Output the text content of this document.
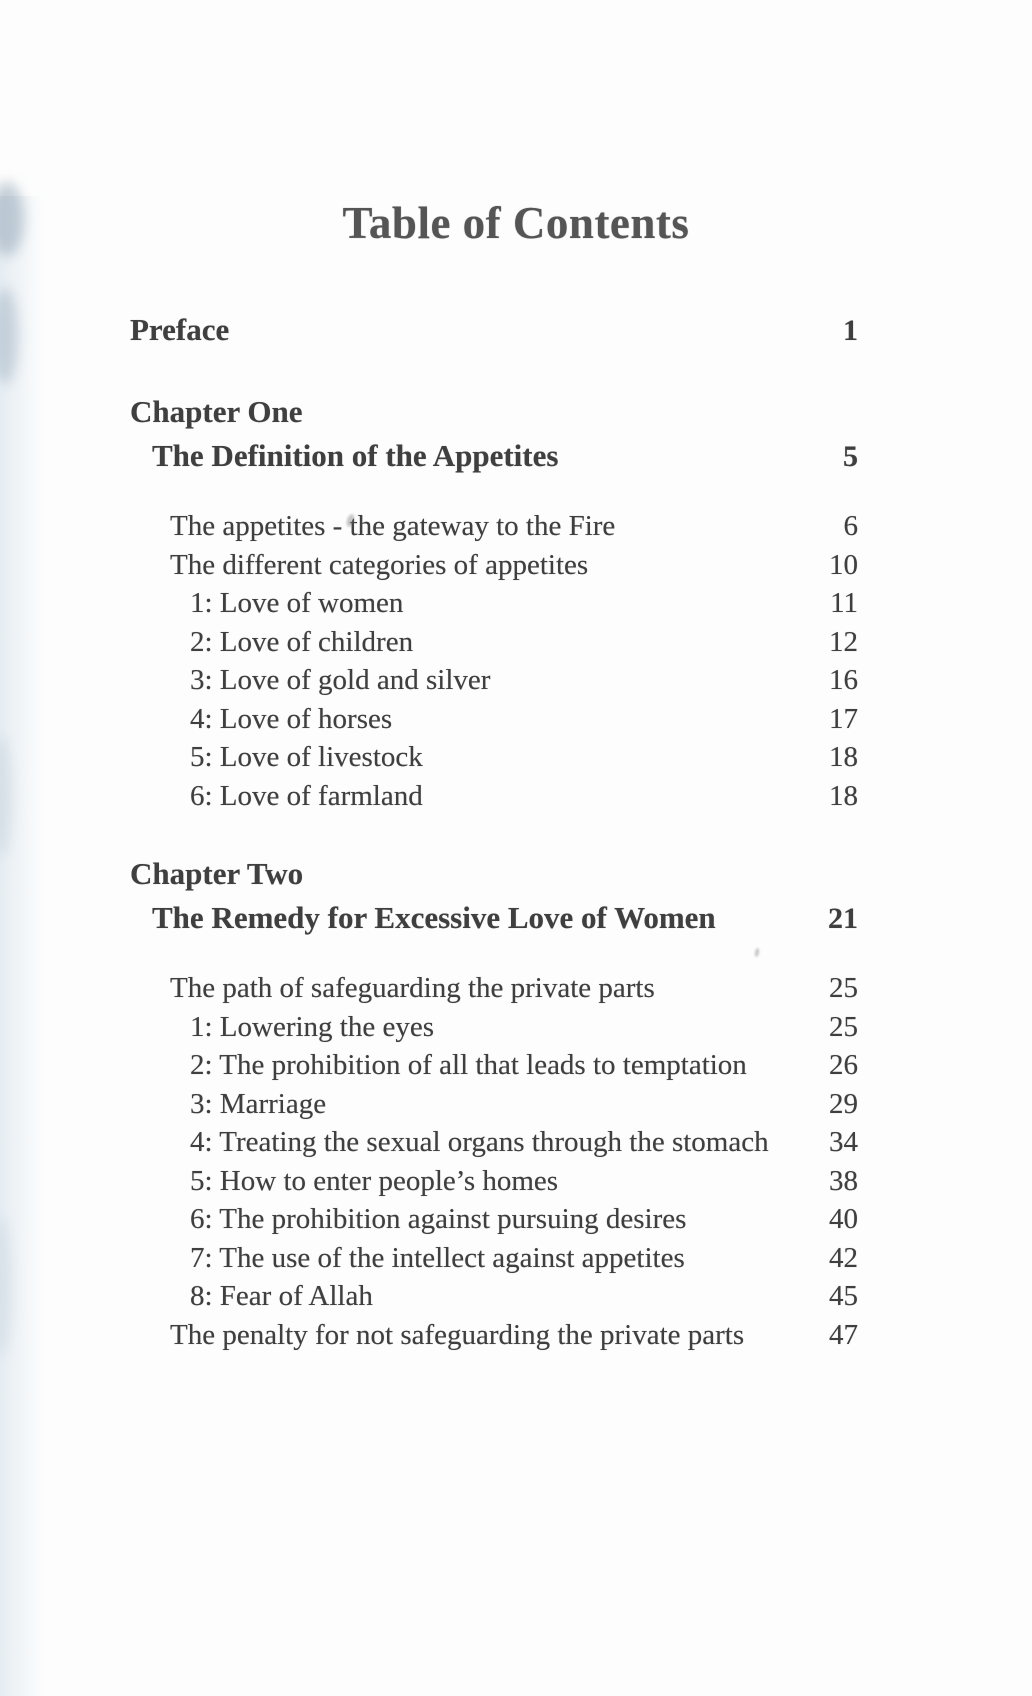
Table of Contents
Preface	1
Chapter One
The Definition of the Appetites	5
The appetites - the gateway to the Fire	6
The different categories of appetites	10
1: Love of women	11
2: Love of children	12
3: Love of gold and silver	16
4: Love of horses	17
5: Love of livestock	18
6: Love of farmland	18
Chapter Two
The Remedy for Excessive Love of Women	21
The path of safeguarding the private parts	25
1: Lowering the eyes	25
2: The prohibition of all that leads to temptation	26
3: Marriage	29
4: Treating the sexual organs through the stomach	34
5: How to enter people’s homes	38
6: The prohibition against pursuing desires	40
7: The use of the intellect against appetites	42
8: Fear of Allah	45
The penalty for not safeguarding the private parts	47
